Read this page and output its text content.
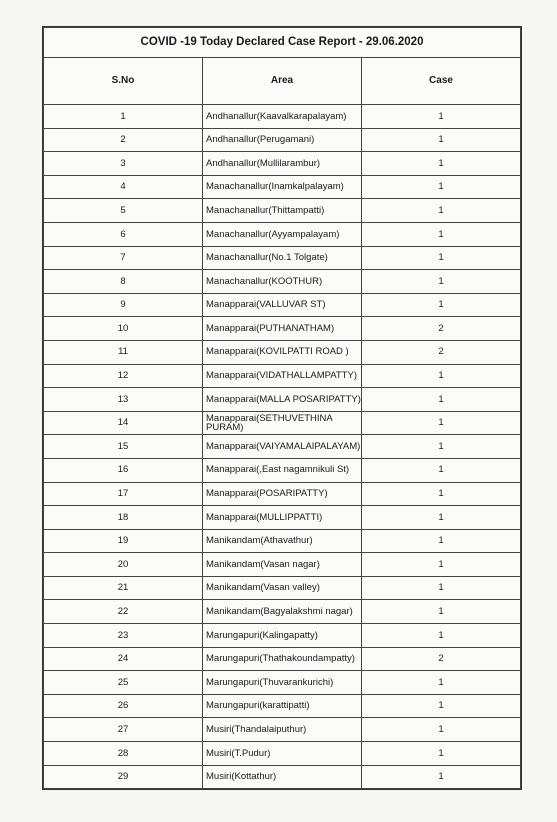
COVID -19 Today Declared Case Report - 29.06.2020		
S.No	Area	Case
1	Andhanallur(Kaavalkarapalayam)	1
2	Andhanallur(Perugamani)	1
3	Andhanallur(Mullilarambur)	1
4	Manachanallur(Inamkalpalayam)	1
5	Manachanallur(Thittampatti)	1
6	Manachanallur(Ayyampalayam)	1
7	Manachanallur(No.1 Tolgate)	1
8	Manachanallur(KOOTHUR)	1
9	Manapparai(VALLUVAR ST)	1
10	Manapparai(PUTHANATHAM)	2
11	Manapparai(KOVILPATTI ROAD )	2
12	Manapparai(VIDATHALLAMPATTY)	1
13	Manapparai(MALLA POSARIPATTY)	1
14	Manapparai(SETHUVETHINA PURAM)	1
15	Manapparai(VAIYAMALAIPALAYAM)	1
16	Manapparai(,East nagamnikuli St)	1
17	Manapparai(POSARIPATTY)	1
18	Manapparai(MULLIPPATTI)	1
19	Manikandam(Athavathur)	1
20	Manikandam(Vasan nagar)	1
21	Manikandam(Vasan valley)	1
22	Manikandam(Bagyalakshmi nagar)	1
23	Marungapuri(Kalingapatty)	1
24	Marungapuri(Thathakoundampatty)	2
25	Marungapuri(Thuvarankurichi)	1
26	Marungapuri(karattipatti)	1
27	Musiri(Thandalaiputhur)	1
28	Musiri(T.Pudur)	1
29	Musiri(Kottathur)	1
